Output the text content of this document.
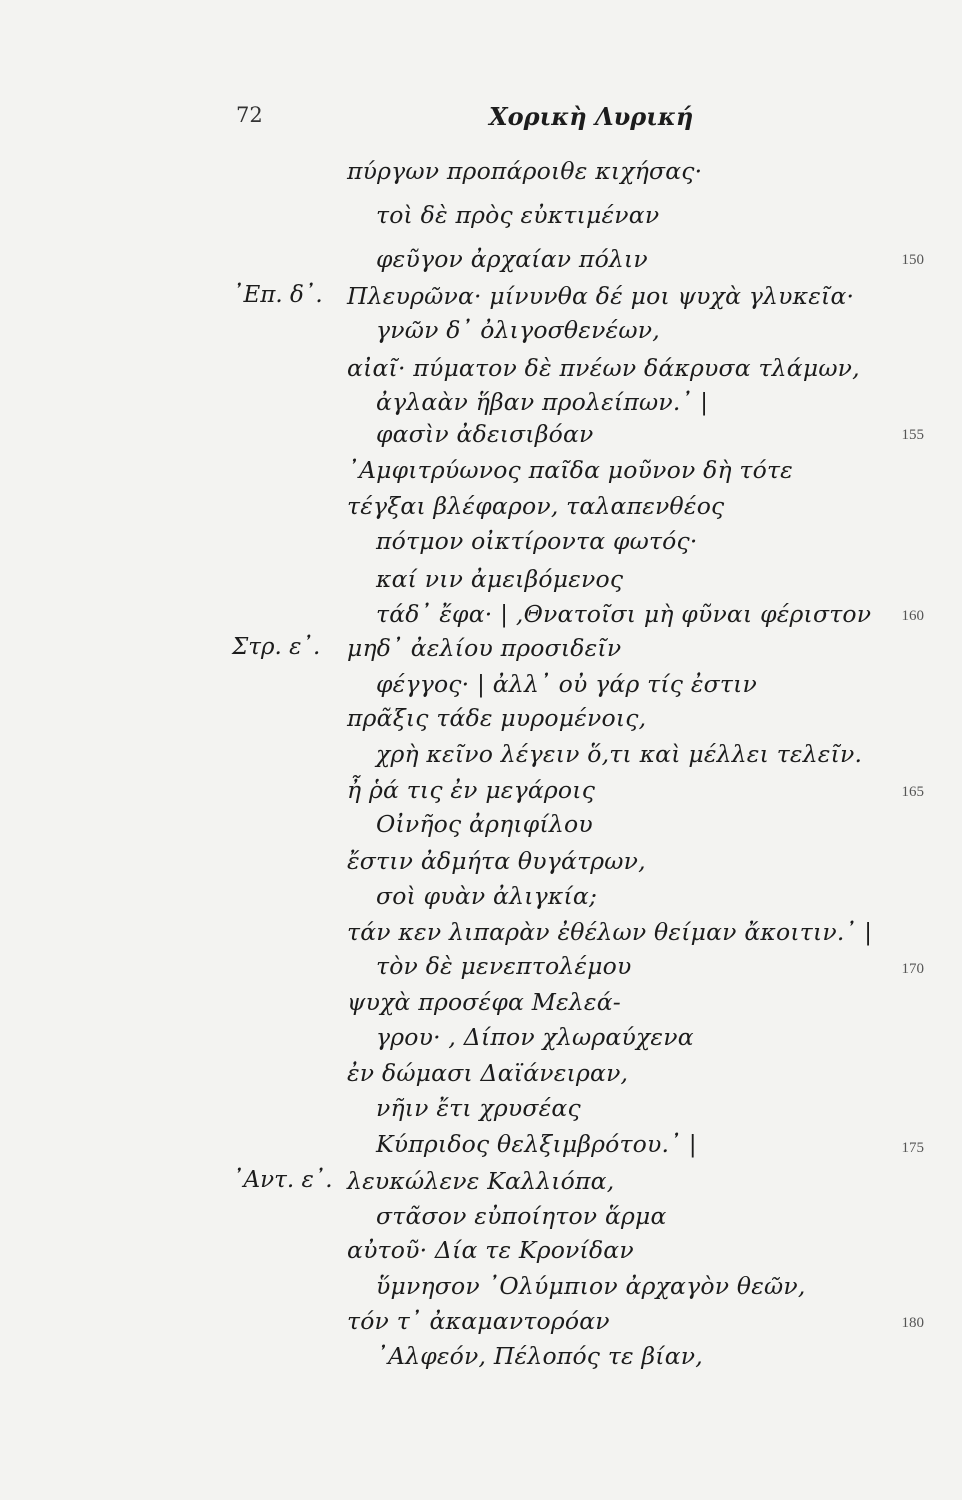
72	Χορικὴ Λυρική
πύργων προπάροιθε κιχήσας·
τοὶ δὲ πρὸς εὐκτιμέναν
φεῦγον ἀρχαίαν πόλιν
Πλευρῶνα· μίνυνθα δέ μοι ψυχὰ γλυκεῖα·
γνῶν δ᾿ ὀλιγοσθενέων,
αἰαῖ· πύματον δὲ πνέων δάκρυσα τλάμων,
ἀγλαὰν ἥβαν προλείπων.᾿ |
φασὶν ἀδεισιβόαν
᾿Αμφιτρύωνος παῖδα μοῦνον δὴ τότε
τέγξαι βλέφαρον, ταλαπενθέος
πότμον οἰκτίροντα φωτός·
καί νιν ἀμειβόμενος
τάδ᾿ ἔφα· | ,Θνατοῖσι μὴ φῦναι φέριστον
μηδ᾿ ἀελίου προσιδεῖν
φέγγος· | ἀλλ᾿ οὐ γάρ τίς ἐστιν
πρᾶξις τάδε μυρομένοις,
χρὴ κεῖνο λέγειν ὅ,τι καὶ μέλλει τελεῖν.
ἦ ῥά τις ἐν μεγάροις
Οἰνῆος ἀρηιφίλου
ἔστιν ἀδμήτα θυγάτρων,
σοὶ φυὰν ἀλιγκία;
τάν κεν λιπαρὰν ἐθέλων θείμαν ἄκοιτιν.᾿ |
τὸν δὲ μενεπτολέμου
ψυχὰ προσέφα Μελεά-
γρου· , Δίπον χλωραύχενα
ἐν δώμασι Δαϊάνειραν,
νῆιν ἔτι χρυσέας
Κύπριδος θελξιμβρότου.᾿ |
λευκώλενε Καλλιόπα,
στᾶσον εὐποίητον ἅρμα
αὐτοῦ· Δία τε Κρονίδαν
ὕμνησον ᾿Ολύμπιον ἀρχαγὸν θεῶν,
τόν τ᾿ ἀκαμαντορόαν
᾿Αλφεόν, Πέλοπός τε βίαν,
᾿Επ. δ᾿.
Στρ. ε᾿.
᾿Αντ. ε᾿.
150
155
160
165
170
175
180
